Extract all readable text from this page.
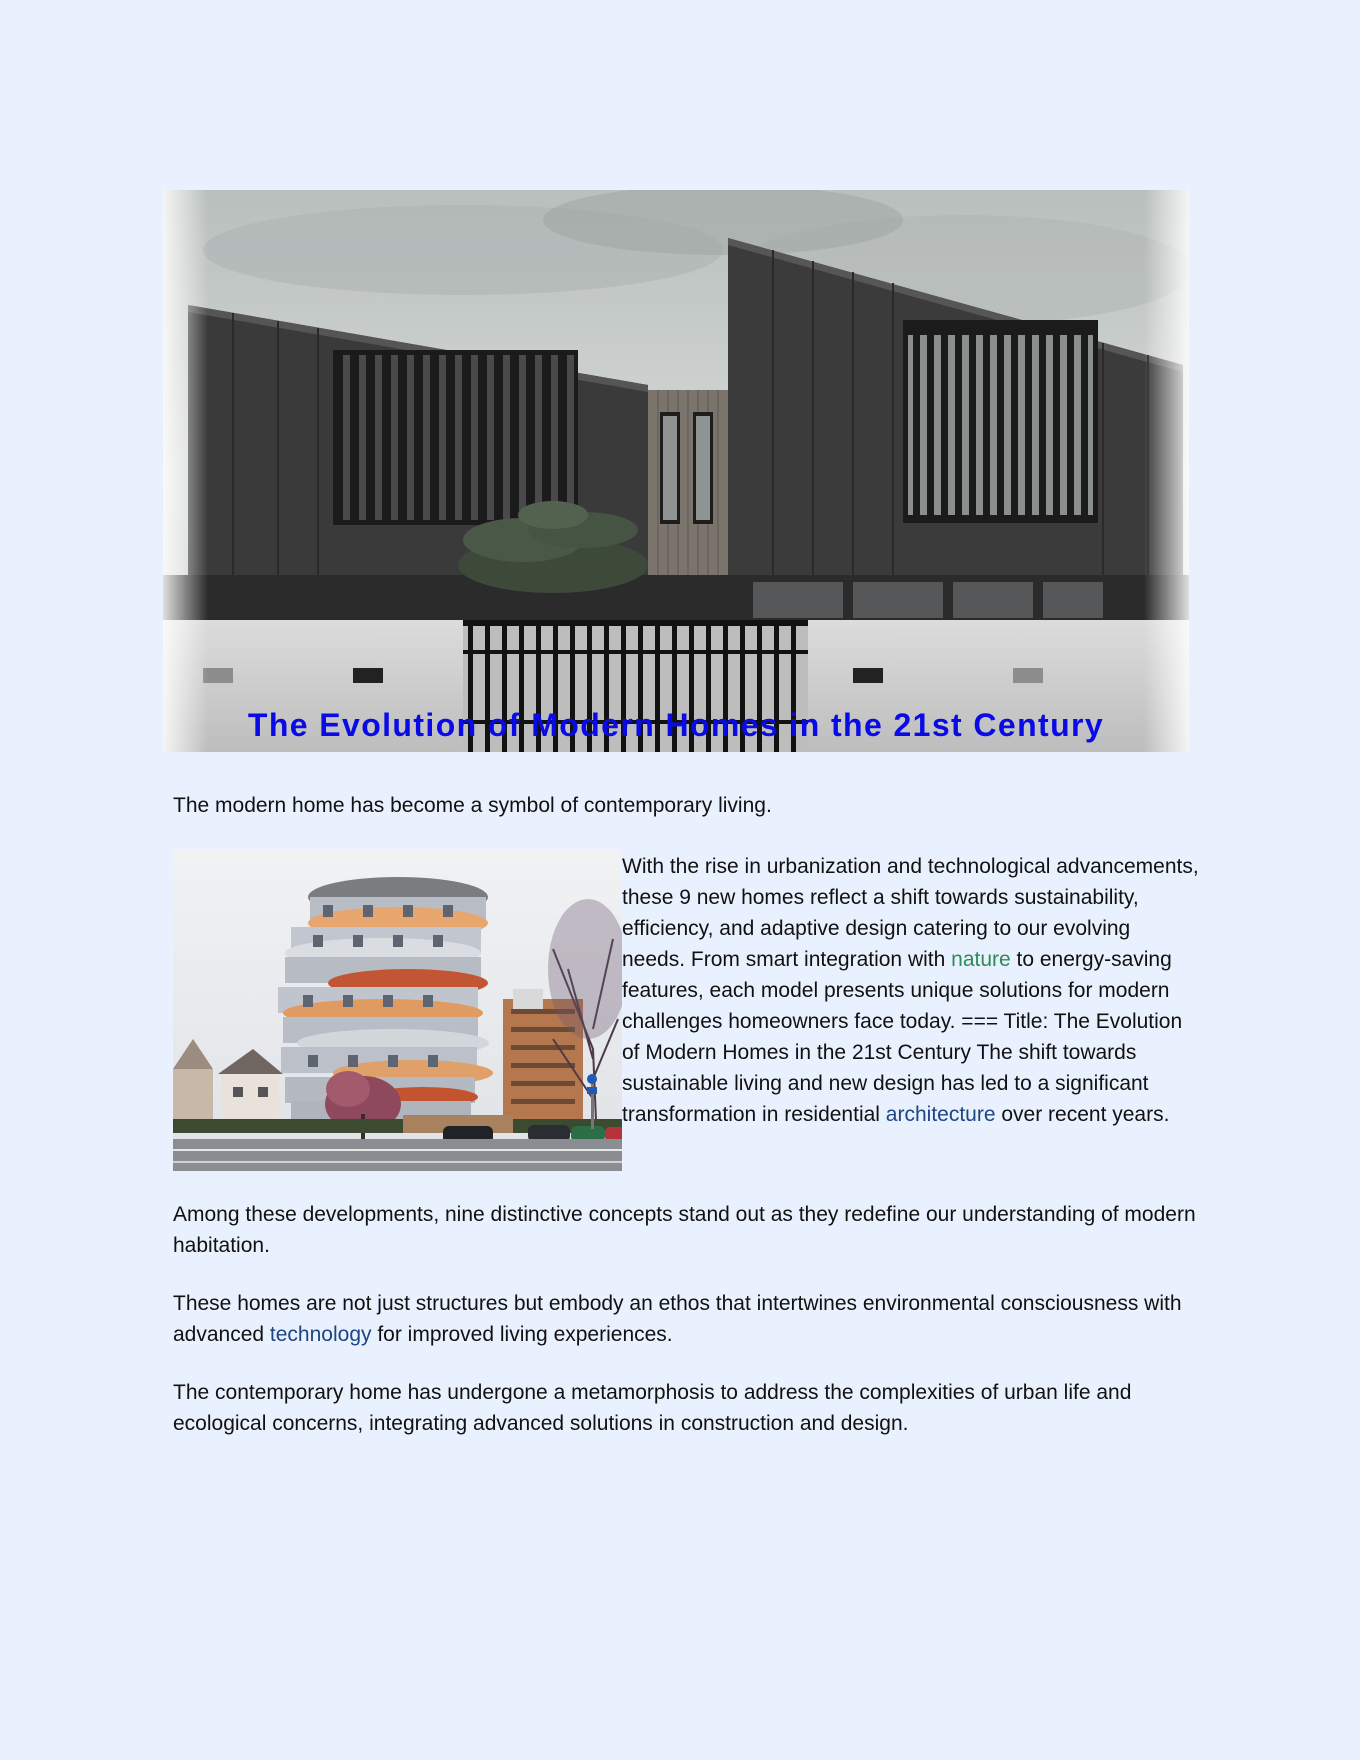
The Evolution of Modern Homes in the 21st Century

The modern home has become a symbol of contemporary living.

With the rise in urbanization and technological advancements, these 9 new homes reflect a shift towards sustainability, efficiency, and adaptive design catering to our evolving needs. From smart integration with nature to energy-saving features, each model presents unique solutions for modern challenges homeowners face today. === Title: The Evolution of Modern Homes in the 21st Century The shift towards sustainable living and new design has led to a significant transformation in residential architecture over recent years.

Among these developments, nine distinctive concepts stand out as they redefine our understanding of modern habitation.

These homes are not just structures but embody an ethos that intertwines environmental consciousness with advanced technology for improved living experiences.

The contemporary home has undergone a metamorphosis to address the complexities of urban life and ecological concerns, integrating advanced solutions in construction and design.
